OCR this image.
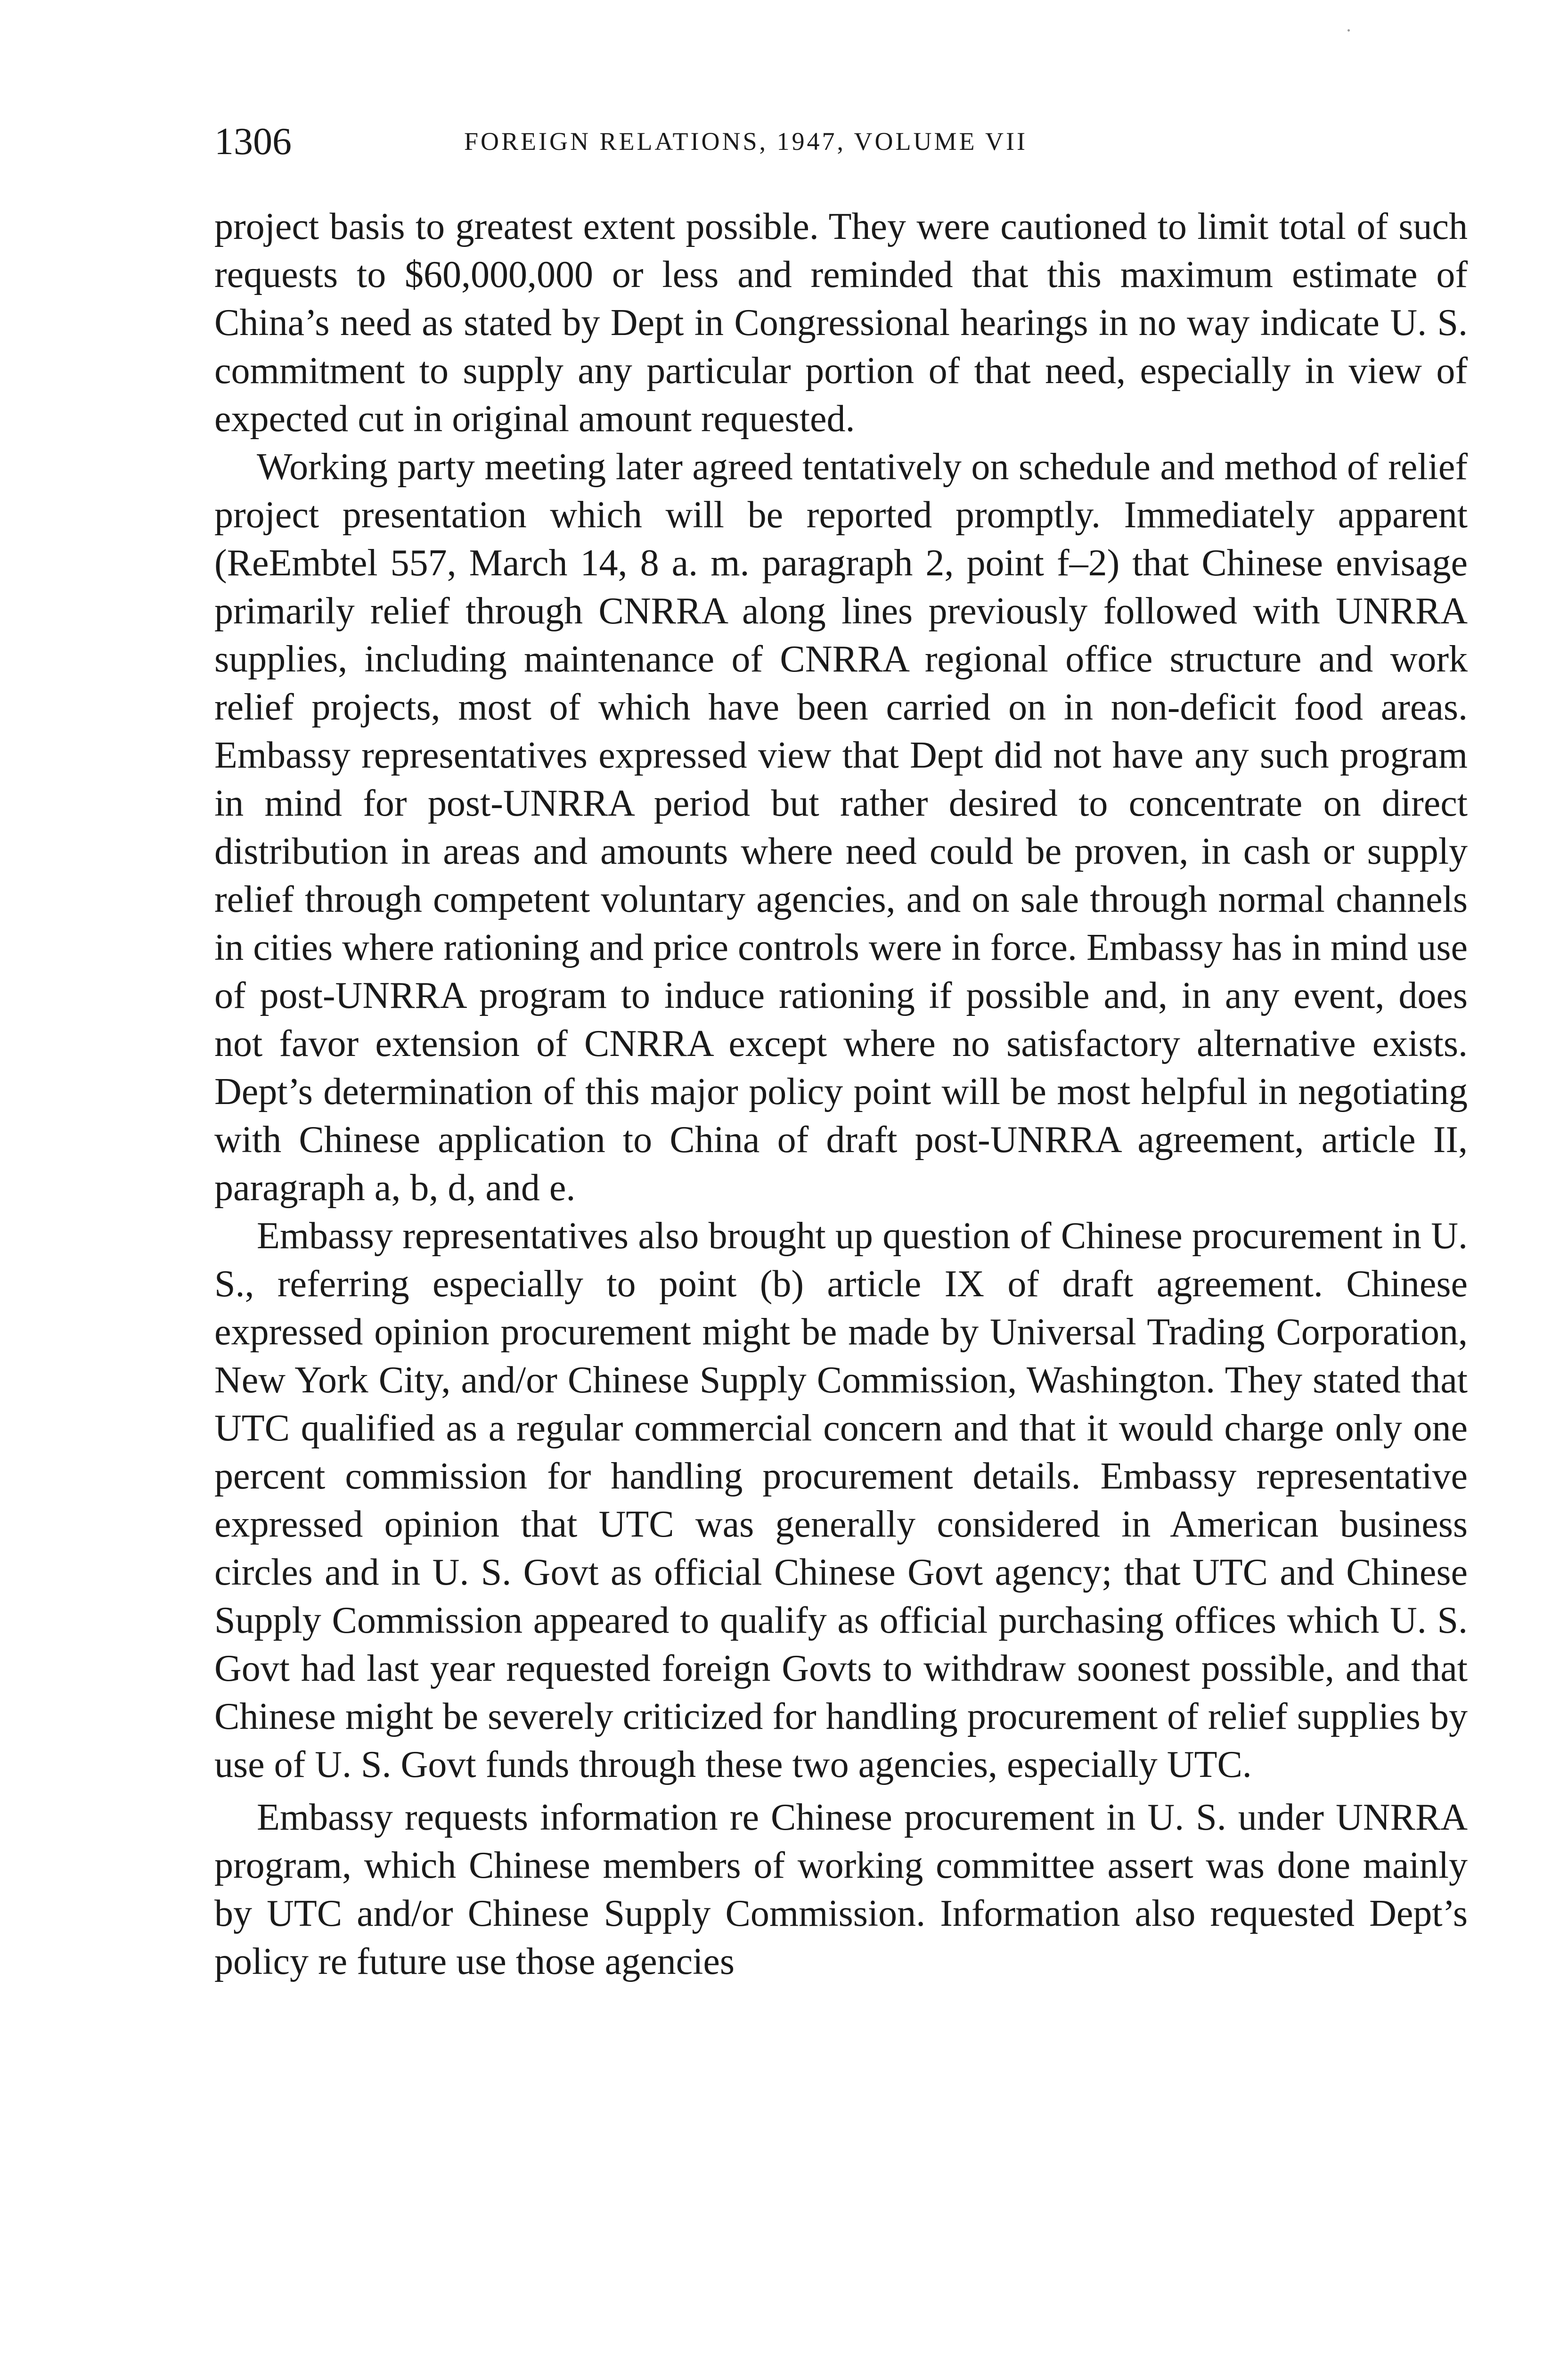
1306	FOREIGN RELATIONS, 1947, VOLUME VII

project basis to greatest extent possible. They were cautioned to limit total of such requests to $60,000,000 or less and reminded that this maximum estimate of China’s need as stated by Dept in Congressional hearings in no way indicate U. S. commitment to supply any particular portion of that need, especially in view of expected cut in original amount requested.

Working party meeting later agreed tentatively on schedule and method of relief project presentation which will be reported promptly. Immediately apparent (ReEmbtel 557, March 14, 8 a. m. paragraph 2, point f–2) that Chinese envisage primarily relief through CNRRA along lines previously followed with UNRRA supplies, including maintenance of CNRRA regional office structure and work relief projects, most of which have been carried on in non-deficit food areas. Embassy representatives expressed view that Dept did not have any such program in mind for post-UNRRA period but rather desired to concentrate on direct distribution in areas and amounts where need could be proven, in cash or supply relief through competent voluntary agencies, and on sale through normal channels in cities where rationing and price controls were in force. Embassy has in mind use of post-UNRRA program to induce rationing if possible and, in any event, does not favor extension of CNRRA except where no satisfactory alternative exists. Dept’s determination of this major policy point will be most helpful in negotiating with Chinese application to China of draft post-UNRRA agreement, article II, paragraph a, b, d, and e.

Embassy representatives also brought up question of Chinese procurement in U. S., referring especially to point (b) article IX of draft agreement. Chinese expressed opinion procurement might be made by Universal Trading Corporation, New York City, and/or Chinese Supply Commission, Washington. They stated that UTC qualified as a regular commercial concern and that it would charge only one percent commission for handling procurement details. Embassy representative expressed opinion that UTC was generally considered in American business circles and in U. S. Govt as official Chinese Govt agency; that UTC and Chinese Supply Commission appeared to qualify as official purchasing offices which U. S. Govt had last year requested foreign Govts to withdraw soonest possible, and that Chinese might be severely criticized for handling procurement of relief supplies by use of U. S. Govt funds through these two agencies, especially UTC.

Embassy requests information re Chinese procurement in U. S. under UNRRA program, which Chinese members of working committee assert was done mainly by UTC and/or Chinese Supply Commission. Information also requested Dept’s policy re future use those agencies
